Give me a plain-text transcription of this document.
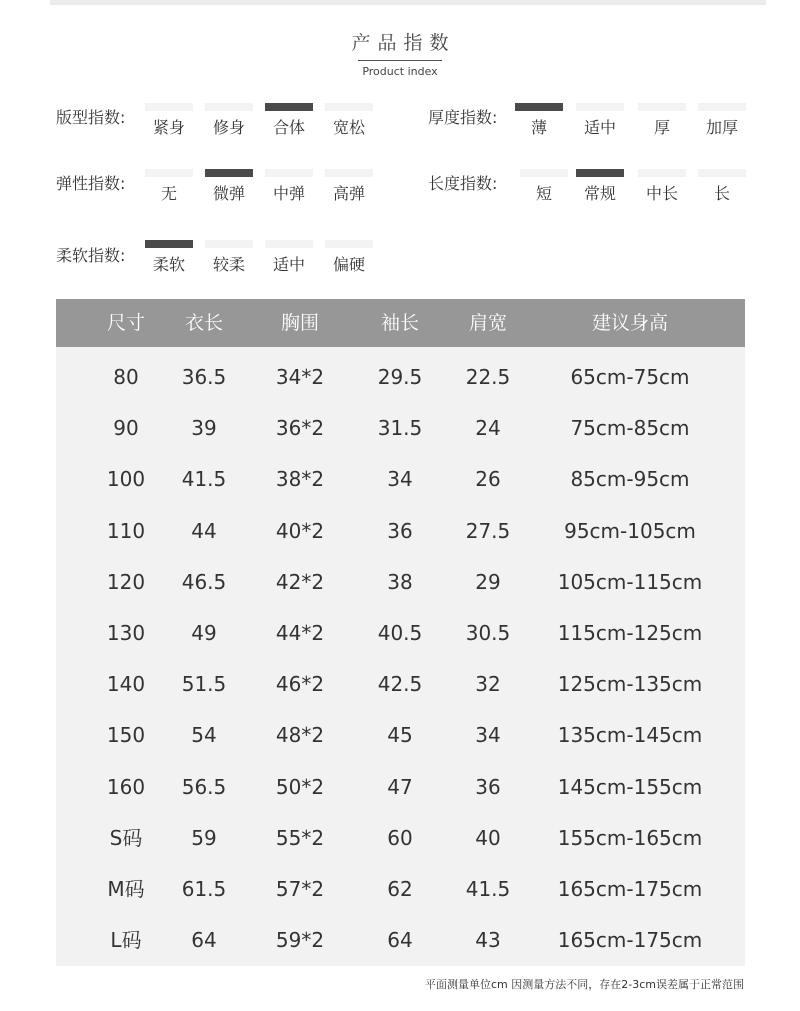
产品指数
Product index
版型指数:
紧身	修身	合体	宽松
厚度指数:
薄	适中	厚	加厚
弹性指数:
无	微弹	中弹	高弹
长度指数:
短	常规	中长	长
柔软指数:	柔软	较柔	适中	偏硬
尺寸	衣长	胸围	袖长	肩宽	建议身高
80	36.5	34*2	29.5	22.5	65cm-75cm
90	39	36*2	31.5	24	75cm-85cm
100	41.5	38*2	34	26	85cm-95cm
110	44	40*2	36	27.5	95cm-105cm
120	46.5	42*2	38	29	105cm-115cm
130	49	44*2	40.5	30.5	115cm-125cm
140	51.5	46*2	42.5	32	125cm-135cm
150	54	48*2	45	34	135cm-145cm
160	56.5	50*2	47	36	145cm-155cm
S码	59	55*2	60	40	155cm-165cm
M码	61.5	57*2	62	41.5	165cm-175cm
L码	64	59*2	64	43	165cm-175cm
平面测量单位cm 因测量方法不同，存在2-3cm误差属于正常范围
